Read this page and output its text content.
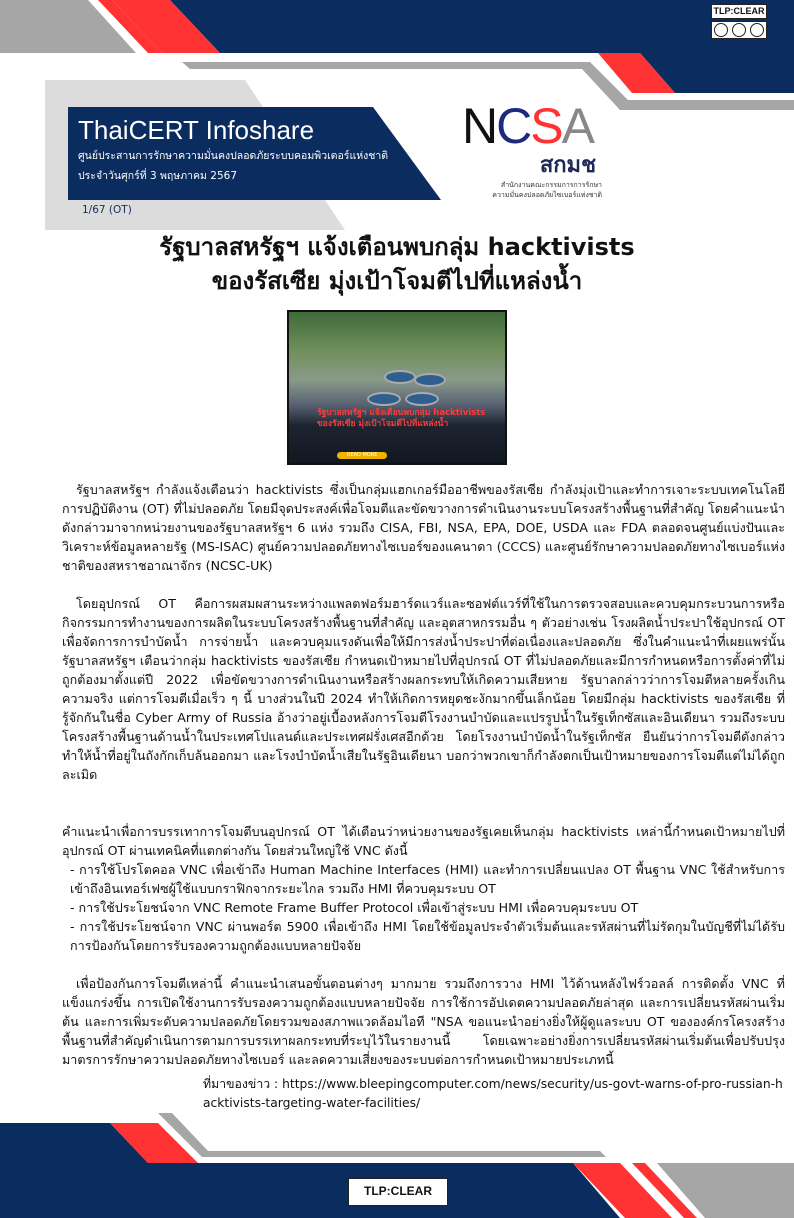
TLP:CLEAR
ThaiCERT Infoshare
ศูนย์ประสานการรักษาความมั่นคงปลอดภัยระบบคอมพิวเตอร์แห่งชาติ
ประจำวันศุกร์ที่ 3 พฤษภาคม 2567
1/67 (OT)
NCSA
สกมช
สำนักงานคณะกรรมการการรักษา
ความมั่นคงปลอดภัยไซเบอร์แห่งชาติ
รัฐบาลสหรัฐฯ แจ้งเตือนพบกลุ่ม hacktivists
ของรัสเซีย มุ่งเป้าโจมตีไปที่แหล่งน้ำ
รัฐบาลสหรัฐฯ แจ้งเตือนพบกลุ่ม hacktivists
ของรัสเซีย มุ่งเป้าโจมตีไปที่แหล่งน้ำ
READ MORE

รัฐบาลสหรัฐฯ กำลังแจ้งเตือนว่า hacktivists ซึ่งเป็นกลุ่มแฮกเกอร์มืออาชีพของรัสเซีย กำลังมุ่งเป้าและทำการเจาะระบบเทคโนโลยีการปฏิบัติงาน (OT) ที่ไม่ปลอดภัย โดยมีจุดประสงค์เพื่อโจมตีและขัดขวางการดำเนินงานระบบโครงสร้างพื้นฐานที่สำคัญ โดยคำแนะนำดังกล่าวมาจากหน่วยงานของรัฐบาลสหรัฐฯ 6 แห่ง รวมถึง CISA, FBI, NSA, EPA, DOE, USDA และ FDA ตลอดจนศูนย์แบ่งปันและวิเคราะห์ข้อมูลหลายรัฐ (MS-ISAC) ศูนย์ความปลอดภัยทางไซเบอร์ของแคนาดา (CCCS) และศูนย์รักษาความปลอดภัยทางไซเบอร์แห่งชาติของสหราชอาณาจักร (NCSC-UK)

โดยอุปกรณ์ OT คือการผสมผสานระหว่างแพลตฟอร์มฮาร์ดแวร์และซอฟต์แวร์ที่ใช้ในการตรวจสอบและควบคุมกระบวนการหรือกิจกรรมการทำงานของการผลิตในระบบโครงสร้างพื้นฐานที่สำคัญ และอุตสาหกรรมอื่น ๆ ตัวอย่างเช่น โรงผลิตน้ำประปาใช้อุปกรณ์ OT เพื่อจัดการการบำบัดน้ำ การจ่ายน้ำ และควบคุมแรงดันเพื่อให้มีการส่งน้ำประปาที่ต่อเนื่องและปลอดภัย ซึ่งในคำแนะนำที่เผยแพร่นั้น รัฐบาลสหรัฐฯ เตือนว่ากลุ่ม hacktivists ของรัสเซีย กำหนดเป้าหมายไปที่อุปกรณ์ OT ที่ไม่ปลอดภัยและมีการกำหนดหรือการตั้งค่าที่ไม่ถูกต้องมาตั้งแต่ปี 2022 เพื่อขัดขวางการดำเนินงานหรือสร้างผลกระทบให้เกิดความเสียหาย รัฐบาลกล่าวว่าการโจมตีหลายครั้งเกินความจริง แต่การโจมตีเมื่อเร็ว ๆ นี้ บางส่วนในปี 2024 ทำให้เกิดการหยุดชะงักมากขึ้นเล็กน้อย โดยมีกลุ่ม hacktivists ของรัสเซีย ที่รู้จักกันในชื่อ Cyber Army of Russia อ้างว่าอยู่เบื้องหลังการโจมตีโรงงานบำบัดและแปรรูปน้ำในรัฐเท็กซัสและอินเดียนา รวมถึงระบบโครงสร้างพื้นฐานด้านน้ำในประเทศโปแลนด์และประเทศฝรั่งเศสอีกด้วย โดยโรงงานบำบัดน้ำในรัฐเท็กซัส ยืนยันว่าการโจมตีดังกล่าวทำให้น้ำที่อยู่ในถังกักเก็บล้นออกมา และโรงบำบัดน้ำเสียในรัฐอินเดียนา บอกว่าพวกเขาก็กำลังตกเป็นเป้าหมายของการโจมตีแต่ไม่ได้ถูกละเมิด

คำแนะนำเพื่อการบรรเทาการโจมตีบนอุปกรณ์ OT ได้เตือนว่าหน่วยงานของรัฐเคยเห็นกลุ่ม hacktivists เหล่านี้กำหนดเป้าหมายไปที่อุปกรณ์ OT ผ่านเทคนิคที่แตกต่างกัน โดยส่วนใหญ่ใช้ VNC ดังนี้

- การใช้โปรโตคอล VNC เพื่อเข้าถึง Human Machine Interfaces (HMI) และทำการเปลี่ยนแปลง OT พื้นฐาน VNC ใช้สำหรับการเข้าถึงอินเทอร์เฟซผู้ใช้แบบกราฟิกจากระยะไกล รวมถึง HMI ที่ควบคุมระบบ OT

- การใช้ประโยชน์จาก VNC Remote Frame Buffer Protocol เพื่อเข้าสู่ระบบ HMI เพื่อควบคุมระบบ OT

- การใช้ประโยชน์จาก VNC ผ่านพอร์ต 5900 เพื่อเข้าถึง HMI โดยใช้ข้อมูลประจำตัวเริ่มต้นและรหัสผ่านที่ไม่รัดกุมในบัญชีที่ไม่ได้รับการป้องกันโดยการรับรองความถูกต้องแบบหลายปัจจัย

เพื่อป้องกันการโจมตีเหล่านี้ คำแนะนำเสนอขั้นตอนต่างๆ มากมาย รวมถึงการวาง HMI ไว้ด้านหลังไฟร์วอลล์ การติดตั้ง VNC ที่แข็งแกร่งขึ้น การเปิดใช้งานการรับรองความถูกต้องแบบหลายปัจจัย การใช้การอัปเดตความปลอดภัยล่าสุด และการเปลี่ยนรหัสผ่านเริ่มต้น และการเพิ่มระดับความปลอดภัยโดยรวมของสภาพแวดล้อมไอที "NSA ขอแนะนำอย่างยิ่งให้ผู้ดูแลระบบ OT ขององค์กรโครงสร้างพื้นฐานที่สำคัญดำเนินการตามการบรรเทาผลกระทบที่ระบุไว้ในรายงานนี้ โดยเฉพาะอย่างยิ่งการเปลี่ยนรหัสผ่านเริ่มต้นเพื่อปรับปรุงมาตรการรักษาความปลอดภัยทางไซเบอร์ และลดความเสี่ยงของระบบต่อการกำหนดเป้าหมายประเภทนี้

ที่มาของข่าว : https://www.bleepingcomputer.com/news/security/us-govt-warns-of-pro-russian-hacktivists-targeting-water-facilities/
TLP:CLEAR
